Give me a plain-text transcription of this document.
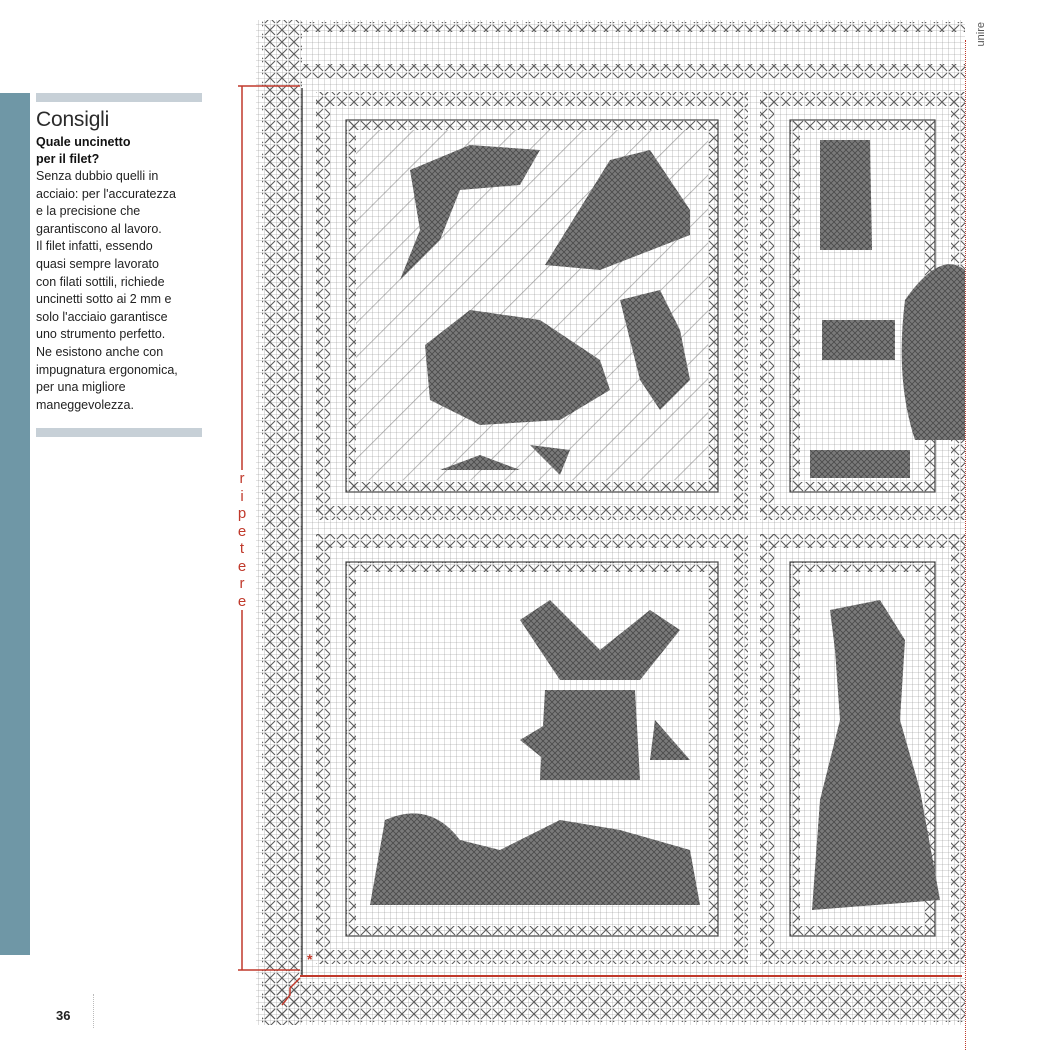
Consigli

Quale uncinetto
per il filet?

Senza dubbio quelli in
acciaio: per l'accuratezza
e la precisione che
garantiscono al lavoro.
Il filet infatti, essendo
quasi sempre lavorato
con filati sottili, richiede
uncinetti sotto ai 2 mm e
solo l'acciaio garantisce
uno strumento perfetto.
Ne esistono anche con
impugnatura ergonomica,
per una migliore
maneggevolezza.

36
*
r
i
p
e
t
e
r
e
unire
